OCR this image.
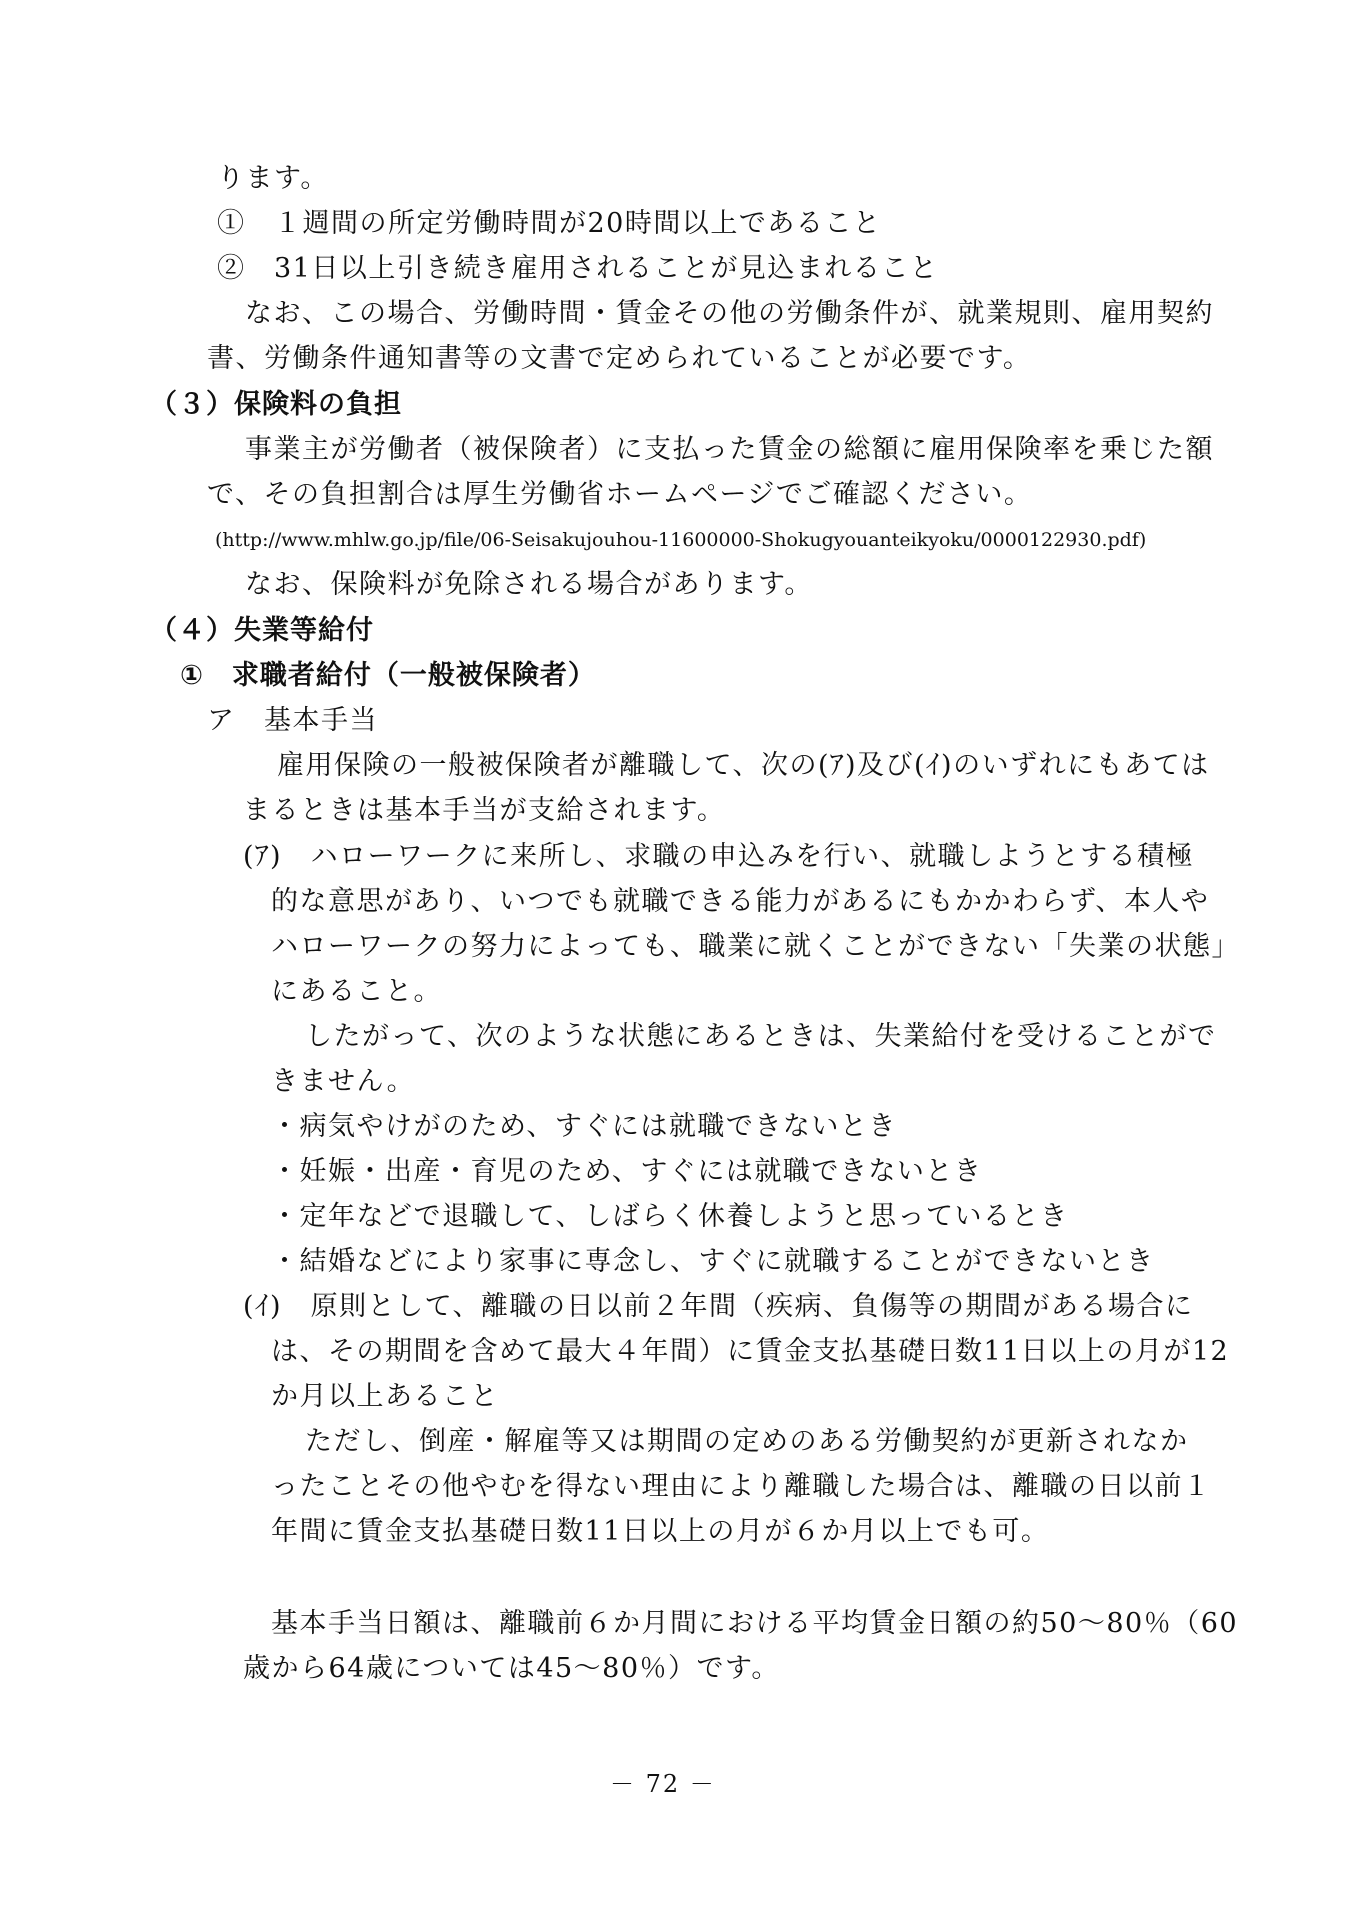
ります。
①　１週間の所定労働時間が20時間以上であること
②　31日以上引き続き雇用されることが見込まれること
なお、この場合、労働時間・賃金その他の労働条件が、就業規則、雇用契約
書、労働条件通知書等の文書で定められていることが必要です。
（３）保険料の負担
事業主が労働者（被保険者）に支払った賃金の総額に雇用保険率を乗じた額
で、その負担割合は厚生労働省ホームページでご確認ください。
(http://www.mhlw.go.jp/file/06-Seisakujouhou-11600000-Shokugyouanteikyoku/0000122930.pdf)
なお、保険料が免除される場合があります。
（４）失業等給付
①　求職者給付（一般被保険者）
ア　基本手当
雇用保険の一般被保険者が離職して、次の(ｱ)及び(ｲ)のいずれにもあては
まるときは基本手当が支給されます。
(ｱ)　ハローワークに来所し、求職の申込みを行い、就職しようとする積極
的な意思があり、いつでも就職できる能力があるにもかかわらず、本人や
ハローワークの努力によっても、職業に就くことができない「失業の状態」
にあること。
したがって、次のような状態にあるときは、失業給付を受けることがで
きません。
・病気やけがのため、すぐには就職できないとき
・妊娠・出産・育児のため、すぐには就職できないとき
・定年などで退職して、しばらく休養しようと思っているとき
・結婚などにより家事に専念し、すぐに就職することができないとき
(ｲ)　原則として、離職の日以前２年間（疾病、負傷等の期間がある場合に
は、その期間を含めて最大４年間）に賃金支払基礎日数11日以上の月が12
か月以上あること
ただし、倒産・解雇等又は期間の定めのある労働契約が更新されなか
ったことその他やむを得ない理由により離職した場合は、離職の日以前１
年間に賃金支払基礎日数11日以上の月が６か月以上でも可。
基本手当日額は、離職前６か月間における平均賃金日額の約50～80％（60
歳から64歳については45～80％）です。
－ 72 －
